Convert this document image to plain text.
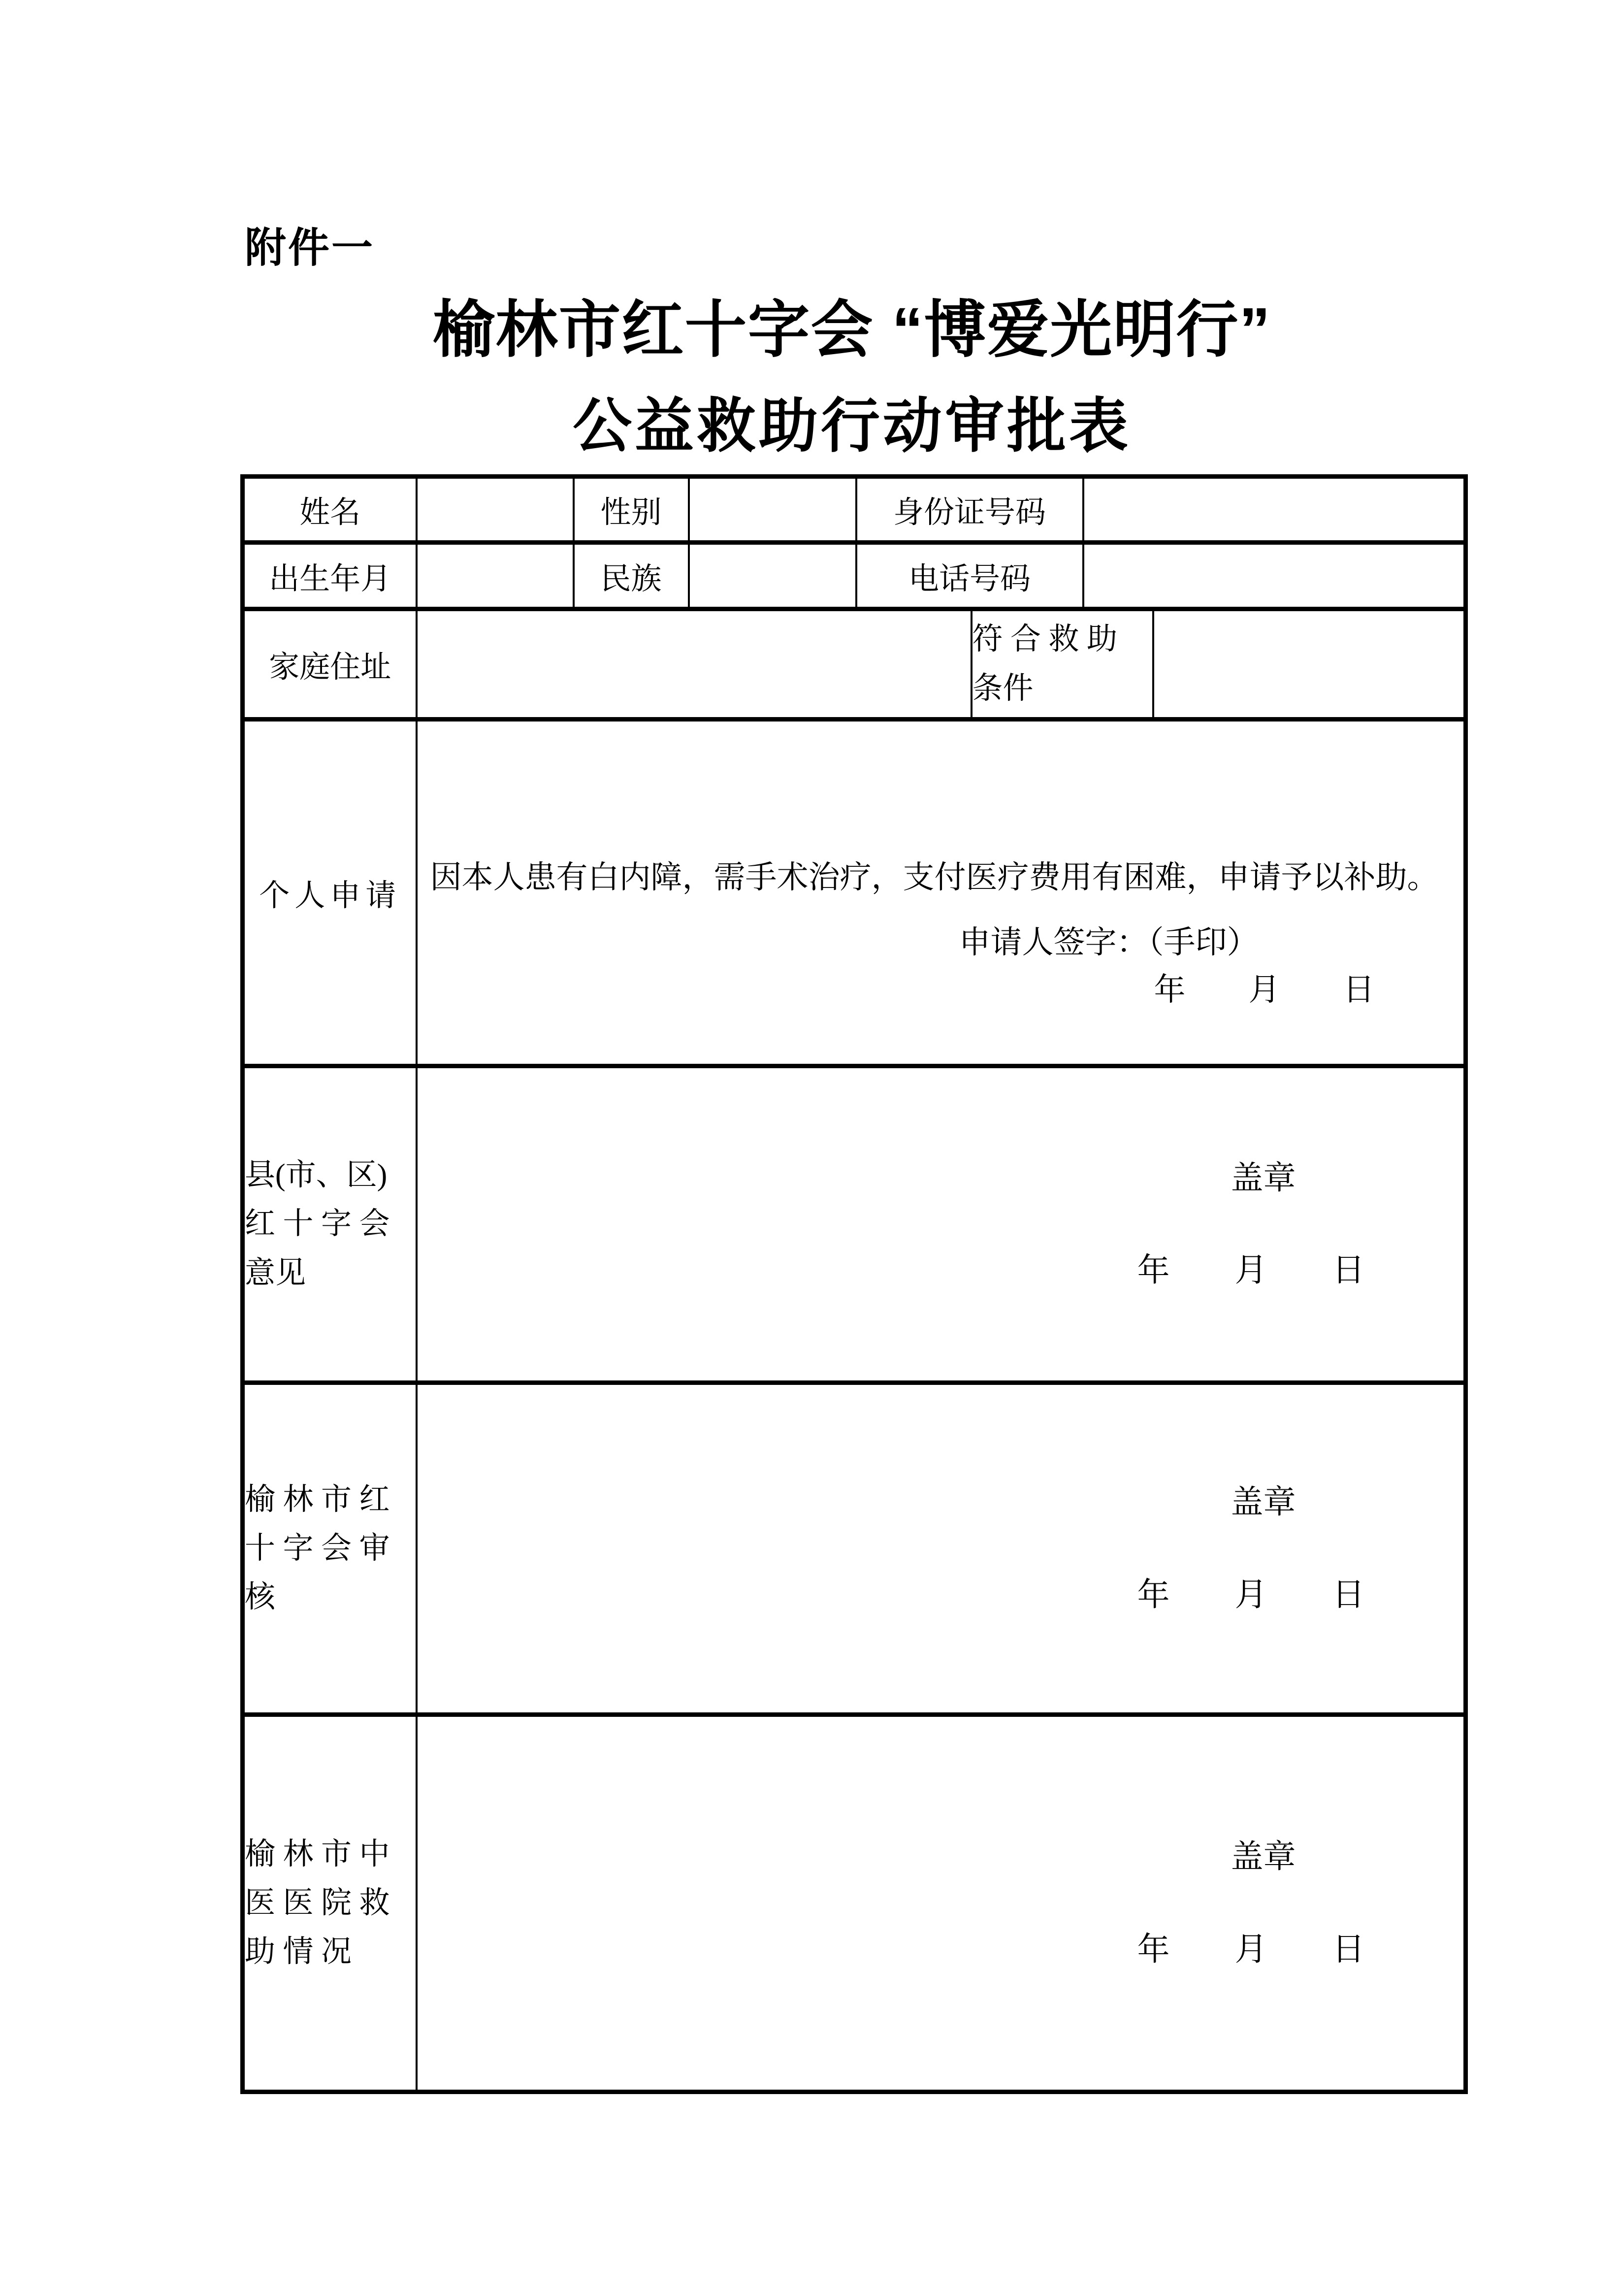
附件一
榆林市红十字会 “博爱光明行”
公益救助行动审批表
姓名		性别		身份证号码			
出生年月		民族		电话号码			
家庭住址					符 合 救 助
条件		

个人申请	因本人患有白内障，需手术治疗，支付医疗费用有困难，申请予以补助。
申请人签字：（手印）
年　　月　　日						

县(市、区)
红 十 字 会
意见

盖章
年　　月　　日

榆 林 市 红
十 字 会 审
核

盖章
年　　月　　日

榆 林 市 中
医 医 院 救
助 情 况

盖章
年　　月　　日
